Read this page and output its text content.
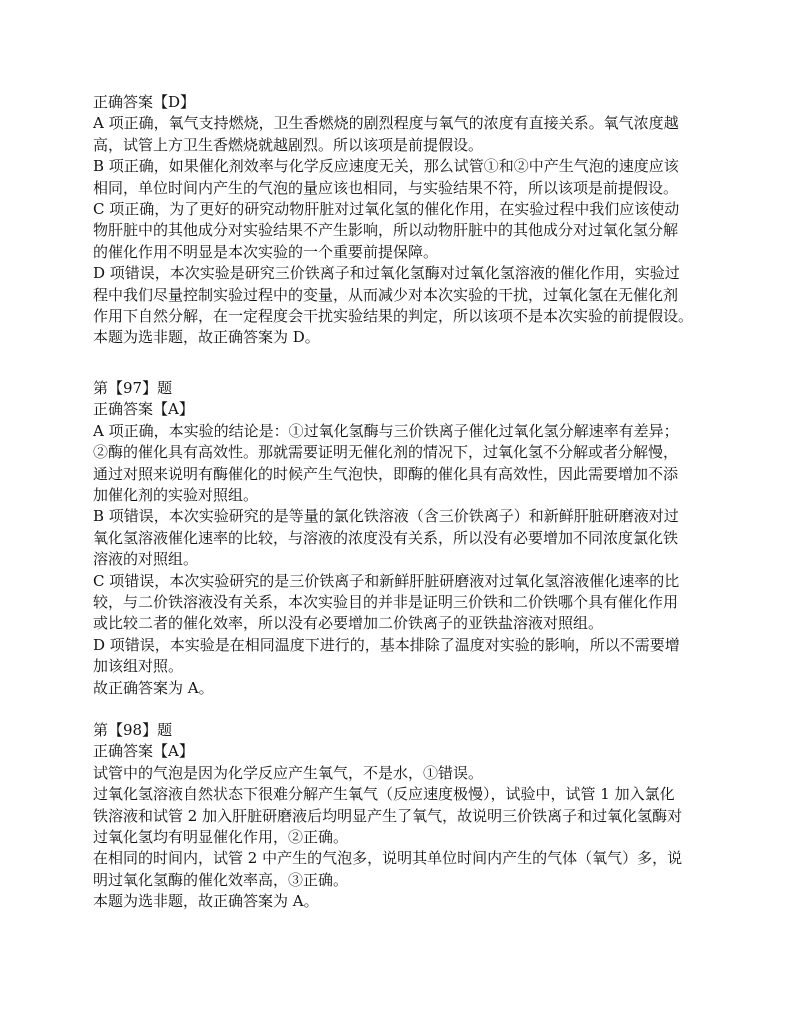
正确答案【D】
A 项正确，氧气支持燃烧，卫生香燃烧的剧烈程度与氧气的浓度有直接关系。氧气浓度越
高，试管上方卫生香燃烧就越剧烈。所以该项是前提假设。
B 项正确，如果催化剂效率与化学反应速度无关，那么试管①和②中产生气泡的速度应该
相同，单位时间内产生的气泡的量应该也相同，与实验结果不符，所以该项是前提假设。
C 项正确，为了更好的研究动物肝脏对过氧化氢的催化作用，在实验过程中我们应该使动
物肝脏中的其他成分对实验结果不产生影响，所以动物肝脏中的其他成分对过氧化氢分解
的催化作用不明显是本次实验的一个重要前提保障。
D 项错误，本次实验是研究三价铁离子和过氧化氢酶对过氧化氢溶液的催化作用，实验过
程中我们尽量控制实验过程中的变量，从而减少对本次实验的干扰，过氧化氢在无催化剂
作用下自然分解，在一定程度会干扰实验结果的判定，所以该项不是本次实验的前提假设。
本题为选非题，故正确答案为 D。
第【97】题
正确答案【A】
A 项正确，本实验的结论是：①过氧化氢酶与三价铁离子催化过氧化氢分解速率有差异；
②酶的催化具有高效性。那就需要证明无催化剂的情况下，过氧化氢不分解或者分解慢，
通过对照来说明有酶催化的时候产生气泡快，即酶的催化具有高效性，因此需要增加不添
加催化剂的实验对照组。
B 项错误，本次实验研究的是等量的氯化铁溶液（含三价铁离子）和新鲜肝脏研磨液对过
氧化氢溶液催化速率的比较，与溶液的浓度没有关系，所以没有必要增加不同浓度氯化铁
溶液的对照组。
C 项错误，本次实验研究的是三价铁离子和新鲜肝脏研磨液对过氧化氢溶液催化速率的比
较，与二价铁溶液没有关系，本次实验目的并非是证明三价铁和二价铁哪个具有催化作用
或比较二者的催化效率，所以没有必要增加二价铁离子的亚铁盐溶液对照组。
D 项错误，本实验是在相同温度下进行的，基本排除了温度对实验的影响，所以不需要增
加该组对照。
故正确答案为 A。
第【98】题
正确答案【A】
试管中的气泡是因为化学反应产生氧气，不是水，①错误。
过氧化氢溶液自然状态下很难分解产生氧气（反应速度极慢），试验中，试管 1 加入氯化
铁溶液和试管 2 加入肝脏研磨液后均明显产生了氧气，故说明三价铁离子和过氧化氢酶对
过氧化氢均有明显催化作用，②正确。
在相同的时间内，试管 2 中产生的气泡多，说明其单位时间内产生的气体（氧气）多，说
明过氧化氢酶的催化效率高，③正确。
本题为选非题，故正确答案为 A。
